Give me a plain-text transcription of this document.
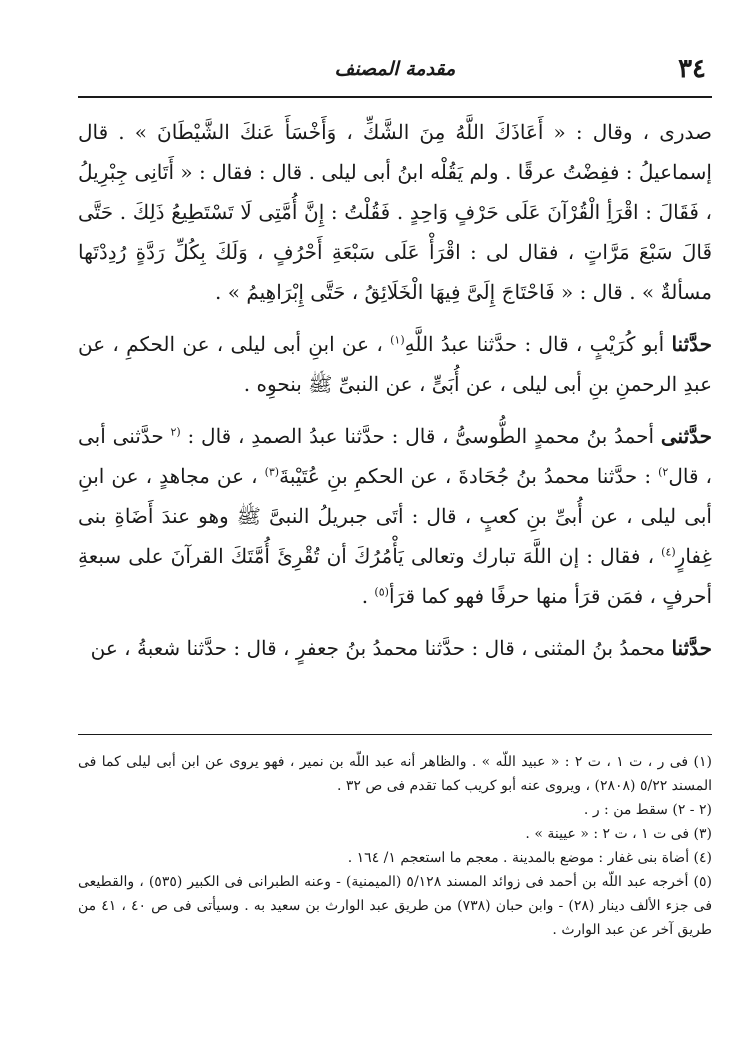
٣٤
مقدمة المصنف

صدرى ، وقال : « أَعَاذَكَ اللَّهُ مِنَ الشَّكِّ ، وَأَخْسَأَ عَنكَ الشَّيْطَانَ » . قال إسماعيلُ : ففِضْتُ عرقًا . ولم يَقُلْه ابنُ أبى ليلى . قال : فقال : « أَتَانِى جِبْرِيلُ ، فَقَالَ : اقْرَأِ الْقُرْآنَ عَلَى حَرْفٍ وَاحِدٍ . فَقُلْتُ : إِنَّ أُمَّتِى لَا تَسْتَطِيعُ ذَلِكَ . حَتَّى قَالَ سَبْعَ مَرَّاتٍ ، فقال لى : اقْرَأْ عَلَى سَبْعَةِ أَحْرُفٍ ، وَلَكَ بِكُلِّ رَدَّةٍ رُدِدْتَها مسألةٌ » . قال : « فَاحْتَاجَ إِلَىَّ فِيهَا الْخَلَائِقُ ، حَتَّى إِبْرَاهِيمُ » .

حدَّثنا أبو كُرَيْبٍ ، قال : حدَّثنا عبدُ اللَّهِ$^{(١)}$ ، عن ابنِ أبى ليلى ، عن الحكمِ ، عن عبدِ الرحمنِ بنِ أبى ليلى ، عن أُبَىٍّ ، عن النبىِّ ﷺ بنحوِه .

حدَّثنى أحمدُ بنُ محمدٍ الطُّوسىُّ ، قال : حدَّثنا عبدُ الصمدِ ، قال : $^{(٢}$ حدَّثنى أبى ، قال$^{٢)}$ : حدَّثنا محمدُ بنُ جُحَادةَ ، عن الحكمِ بنِ عُتَيْبةَ$^{(٣)}$ ، عن مجاهدٍ ، عن ابنِ أبى ليلى ، عن أُبىِّ بنِ كعبٍ ، قال : أتَى جبريلُ النبىَّ ﷺ وهو عندَ أَضَاةِ بنى غِفارٍ$^{(٤)}$ ، فقال : إن اللَّهَ تبارك وتعالى يَأْمُرُكَ أن تُقْرِئَ أُمَّتَكَ القرآنَ على سبعةِ أحرفٍ ، فمَن قرَأ منها حرفًا فهو كما قرَأ$^{(٥)}$ .

حدَّثنا محمدُ بنُ المثنى ، قال : حدَّثنا محمدُ بنُ جعفرٍ ، قال : حدَّثنا شعبةُ ، عن

(١) فى ر ، ت ١ ، ت ٢ : « عبيد اللّه » . والظاهر أنه عبد اللّه بن نمير ، فهو يروى عن ابن أبى ليلى كما فى المسند ٥/٢٢ (٢٨٠٨) ، ويروى عنه أبو كريب كما تقدم فى ص ٣٢ .

(٢ - ٢) سقط من : ر .

(٣) فى ت ١ ، ت ٢ : « عيينة » .

(٤) أضاة بنى غفار : موضع بالمدينة . معجم ما استعجم ١/ ١٦٤ .

(٥) أخرجه عبد اللّه بن أحمد فى زوائد المسند ٥/١٢٨ (الميمنية) - وعنه الطبرانى فى الكبير (٥٣٥) ، والقطيعى فى جزء الألف دينار (٢٨) - وابن حبان (٧٣٨) من طريق عبد الوارث بن سعيد به . وسيأتى فى ص ٤٠ ، ٤١ من طريق آخر عن عبد الوارث .
